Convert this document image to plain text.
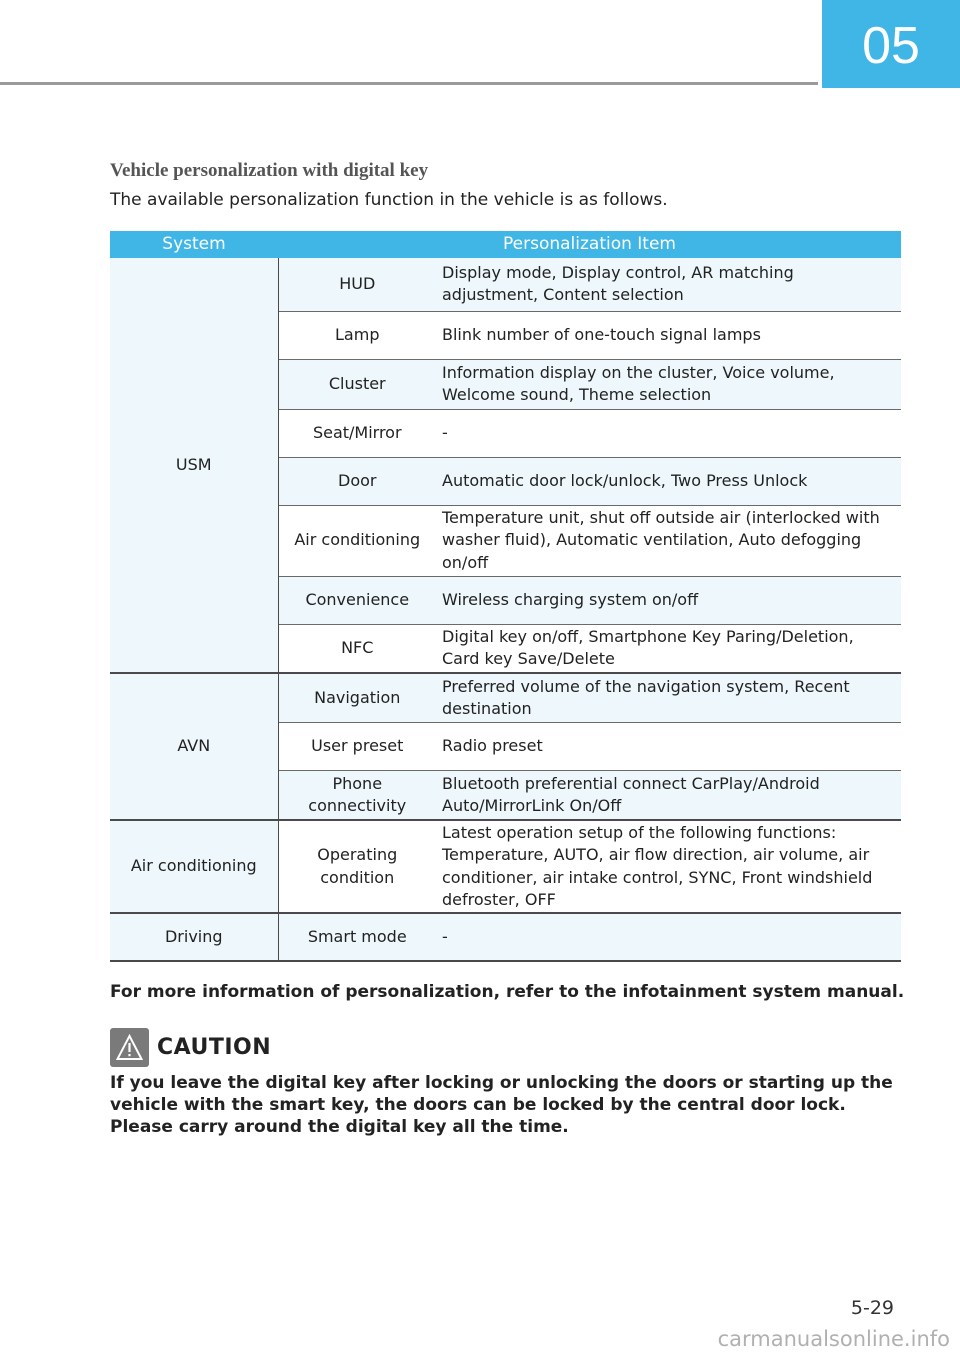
05
Vehicle personalization with digital key
The available personalization function in the vehicle is as follows.
System	Personalization Item	
USM	HUD	Display mode, Display control, AR matching adjustment, Content selection
	Lamp	Blink number of one-touch signal lamps
	Cluster	Information display on the cluster, Voice volume, Welcome sound, Theme selection
	Seat/Mirror	-
	Door	Automatic door lock/unlock, Two Press Unlock
	Air conditioning	Temperature unit, shut off outside air (interlocked with washer fluid), Automatic ventilation, Auto defogging on/off
	Convenience	Wireless charging system on/off
	NFC	Digital key on/off, Smartphone Key Paring/Deletion, Card key Save/Delete
AVN	Navigation	Preferred volume of the navigation system, Recent destination
	User preset	Radio preset
	Phone connectivity	Bluetooth preferential connect CarPlay/Android Auto/MirrorLink On/Off
Air conditioning	Operating condition	Latest operation setup of the following functions: Temperature, AUTO, air flow direction, air volume, air conditioner, air intake control, SYNC, Front windshield defroster, OFF
Driving	Smart mode	-
For more information of personalization, refer to the infotainment system manual.
CAUTION
If you leave the digital key after locking or unlocking the doors or starting up the vehicle with the smart key, the doors can be locked by the central door lock. Please carry around the digital key all the time.
5-29
carmanualsonline.info
